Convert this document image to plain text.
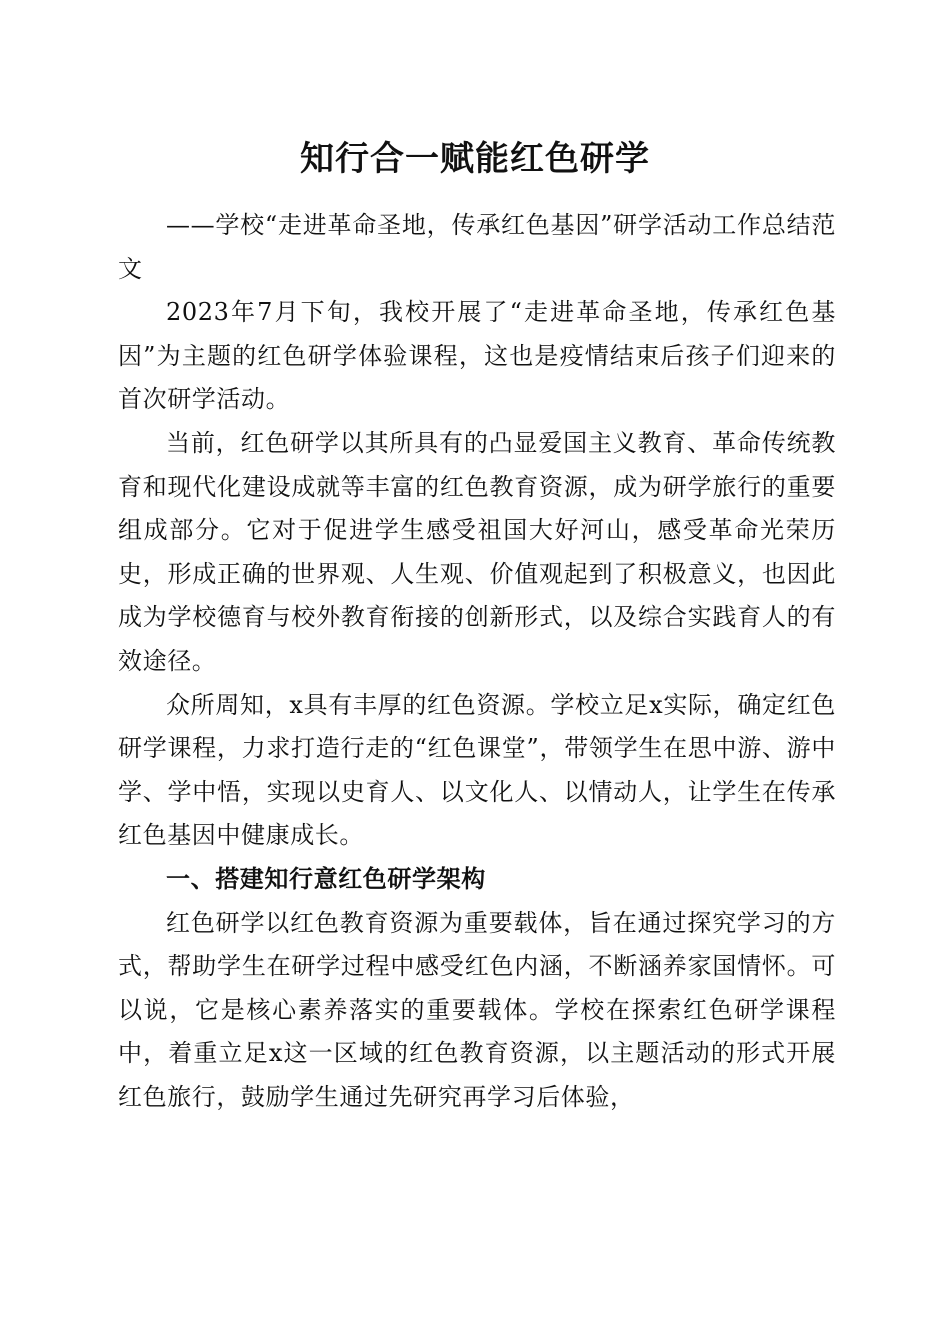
知行合一赋能红色研学

——学校“走进革命圣地，传承红色基因”研学活动工作总结范文

2023年7月下旬，我校开展了“走进革命圣地，传承红色基因”为主题的红色研学体验课程，这也是疫情结束后孩子们迎来的首次研学活动。

当前，红色研学以其所具有的凸显爱国主义教育、革命传统教育和现代化建设成就等丰富的红色教育资源，成为研学旅行的重要组成部分。它对于促进学生感受祖国大好河山，感受革命光荣历史，形成正确的世界观、人生观、价值观起到了积极意义，也因此成为学校德育与校外教育衔接的创新形式，以及综合实践育人的有效途径。

众所周知，x具有丰厚的红色资源。学校立足x实际，确定红色研学课程，力求打造行走的“红色课堂”，带领学生在思中游、游中学、学中悟，实现以史育人、以文化人、以情动人，让学生在传承红色基因中健康成长。

一、搭建知行意红色研学架构

红色研学以红色教育资源为重要载体，旨在通过探究学习的方式，帮助学生在研学过程中感受红色内涵，不断涵养家国情怀。可以说，它是核心素养落实的重要载体。学校在探索红色研学课程中，着重立足x这一区域的红色教育资源，以主题活动的形式开展红色旅行，鼓励学生通过先研究再学习后体验，
